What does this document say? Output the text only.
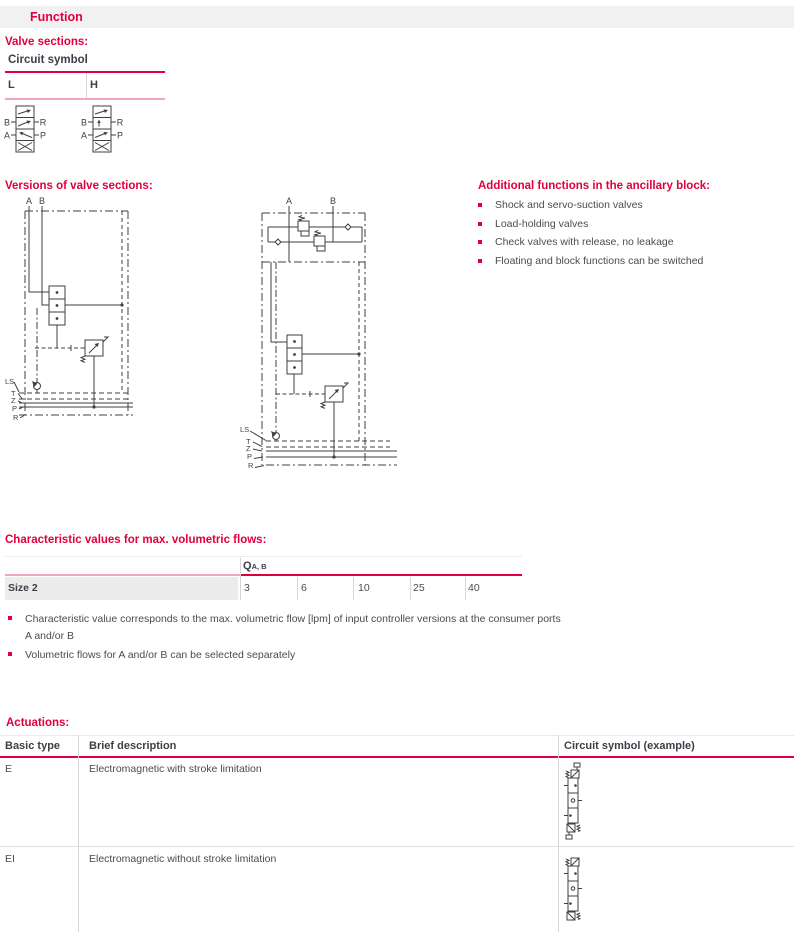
Function
Valve sections:
Circuit symbol
L	H
B
A
R
P
B
A
R
P
Versions of valve sections:
A B
LS
T
Z
P
R
A	B
LS
T
Z
P
R
Additional functions in the ancillary block:
Shock and servo-suction valves
Load-holding valves
Check valves with release, no leakage
Floating and block functions can be switched
Characteristic values for max. volumetric flows:
QA, B
Size 2	3	6	10	25	40
Characteristic value corresponds to the max. volumetric flow [lpm] of input controller versions at the consumer ports A and/or B
Volumetric flows for A and/or B can be selected separately
Actuations:
Basic type	Brief description	Circuit symbol (example)
E	Electromagnetic with stroke limitation
EI	Electromagnetic without stroke limitation
